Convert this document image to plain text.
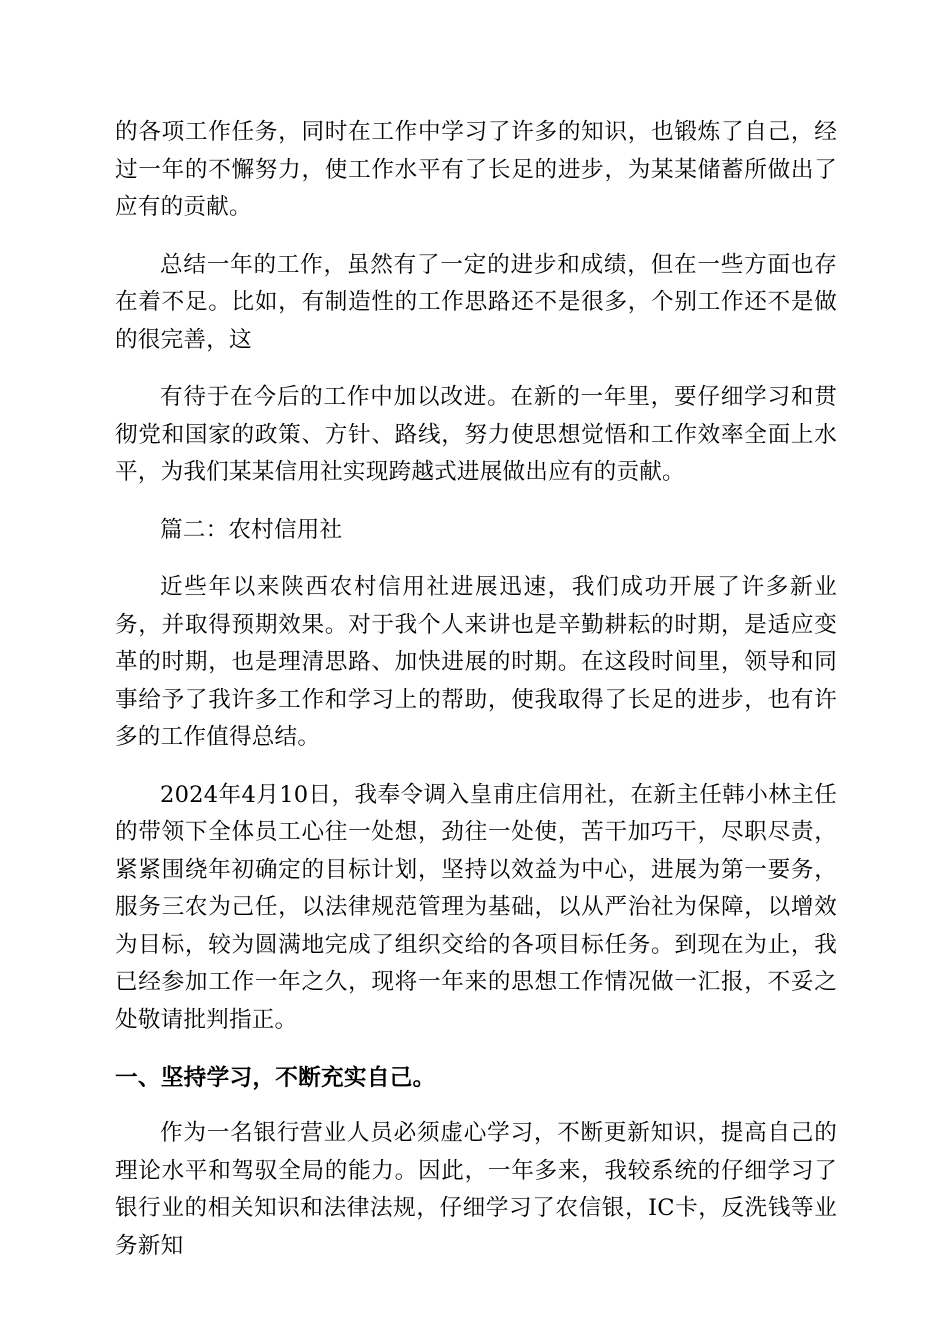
的各项工作任务，同时在工作中学习了许多的知识，也锻炼了自己，经过一年的不懈努力，使工作水平有了长足的进步，为某某储蓄所做出了应有的贡献。

总结一年的工作，虽然有了一定的进步和成绩，但在一些方面也存在着不足。比如，有制造性的工作思路还不是很多，个别工作还不是做的很完善，这

有待于在今后的工作中加以改进。在新的一年里，要仔细学习和贯彻党和国家的政策、方针、路线，努力使思想觉悟和工作效率全面上水平，为我们某某信用社实现跨越式进展做出应有的贡献。

篇二：农村信用社

近些年以来陕西农村信用社进展迅速，我们成功开展了许多新业务，并取得预期效果。对于我个人来讲也是辛勤耕耘的时期，是适应变革的时期，也是理清思路、加快进展的时期。在这段时间里，领导和同事给予了我许多工作和学习上的帮助，使我取得了长足的进步，也有许多的工作值得总结。

2024年4月10日，我奉令调入皇甫庄信用社，在新主任韩小林主任的带领下全体员工心往一处想，劲往一处使，苦干加巧干，尽职尽责，紧紧围绕年初确定的目标计划，坚持以效益为中心，进展为第一要务，服务三农为己任，以法律规范管理为基础，以从严治社为保障，以增效为目标，较为圆满地完成了组织交给的各项目标任务。到现在为止，我已经参加工作一年之久，现将一年来的思想工作情况做一汇报，不妥之处敬请批判指正。

一、坚持学习，不断充实自己。

作为一名银行营业人员必须虚心学习，不断更新知识，提高自己的理论水平和驾驭全局的能力。因此，一年多来，我较系统的仔细学习了银行业的相关知识和法律法规，仔细学习了农信银，IC卡，反洗钱等业务新知
